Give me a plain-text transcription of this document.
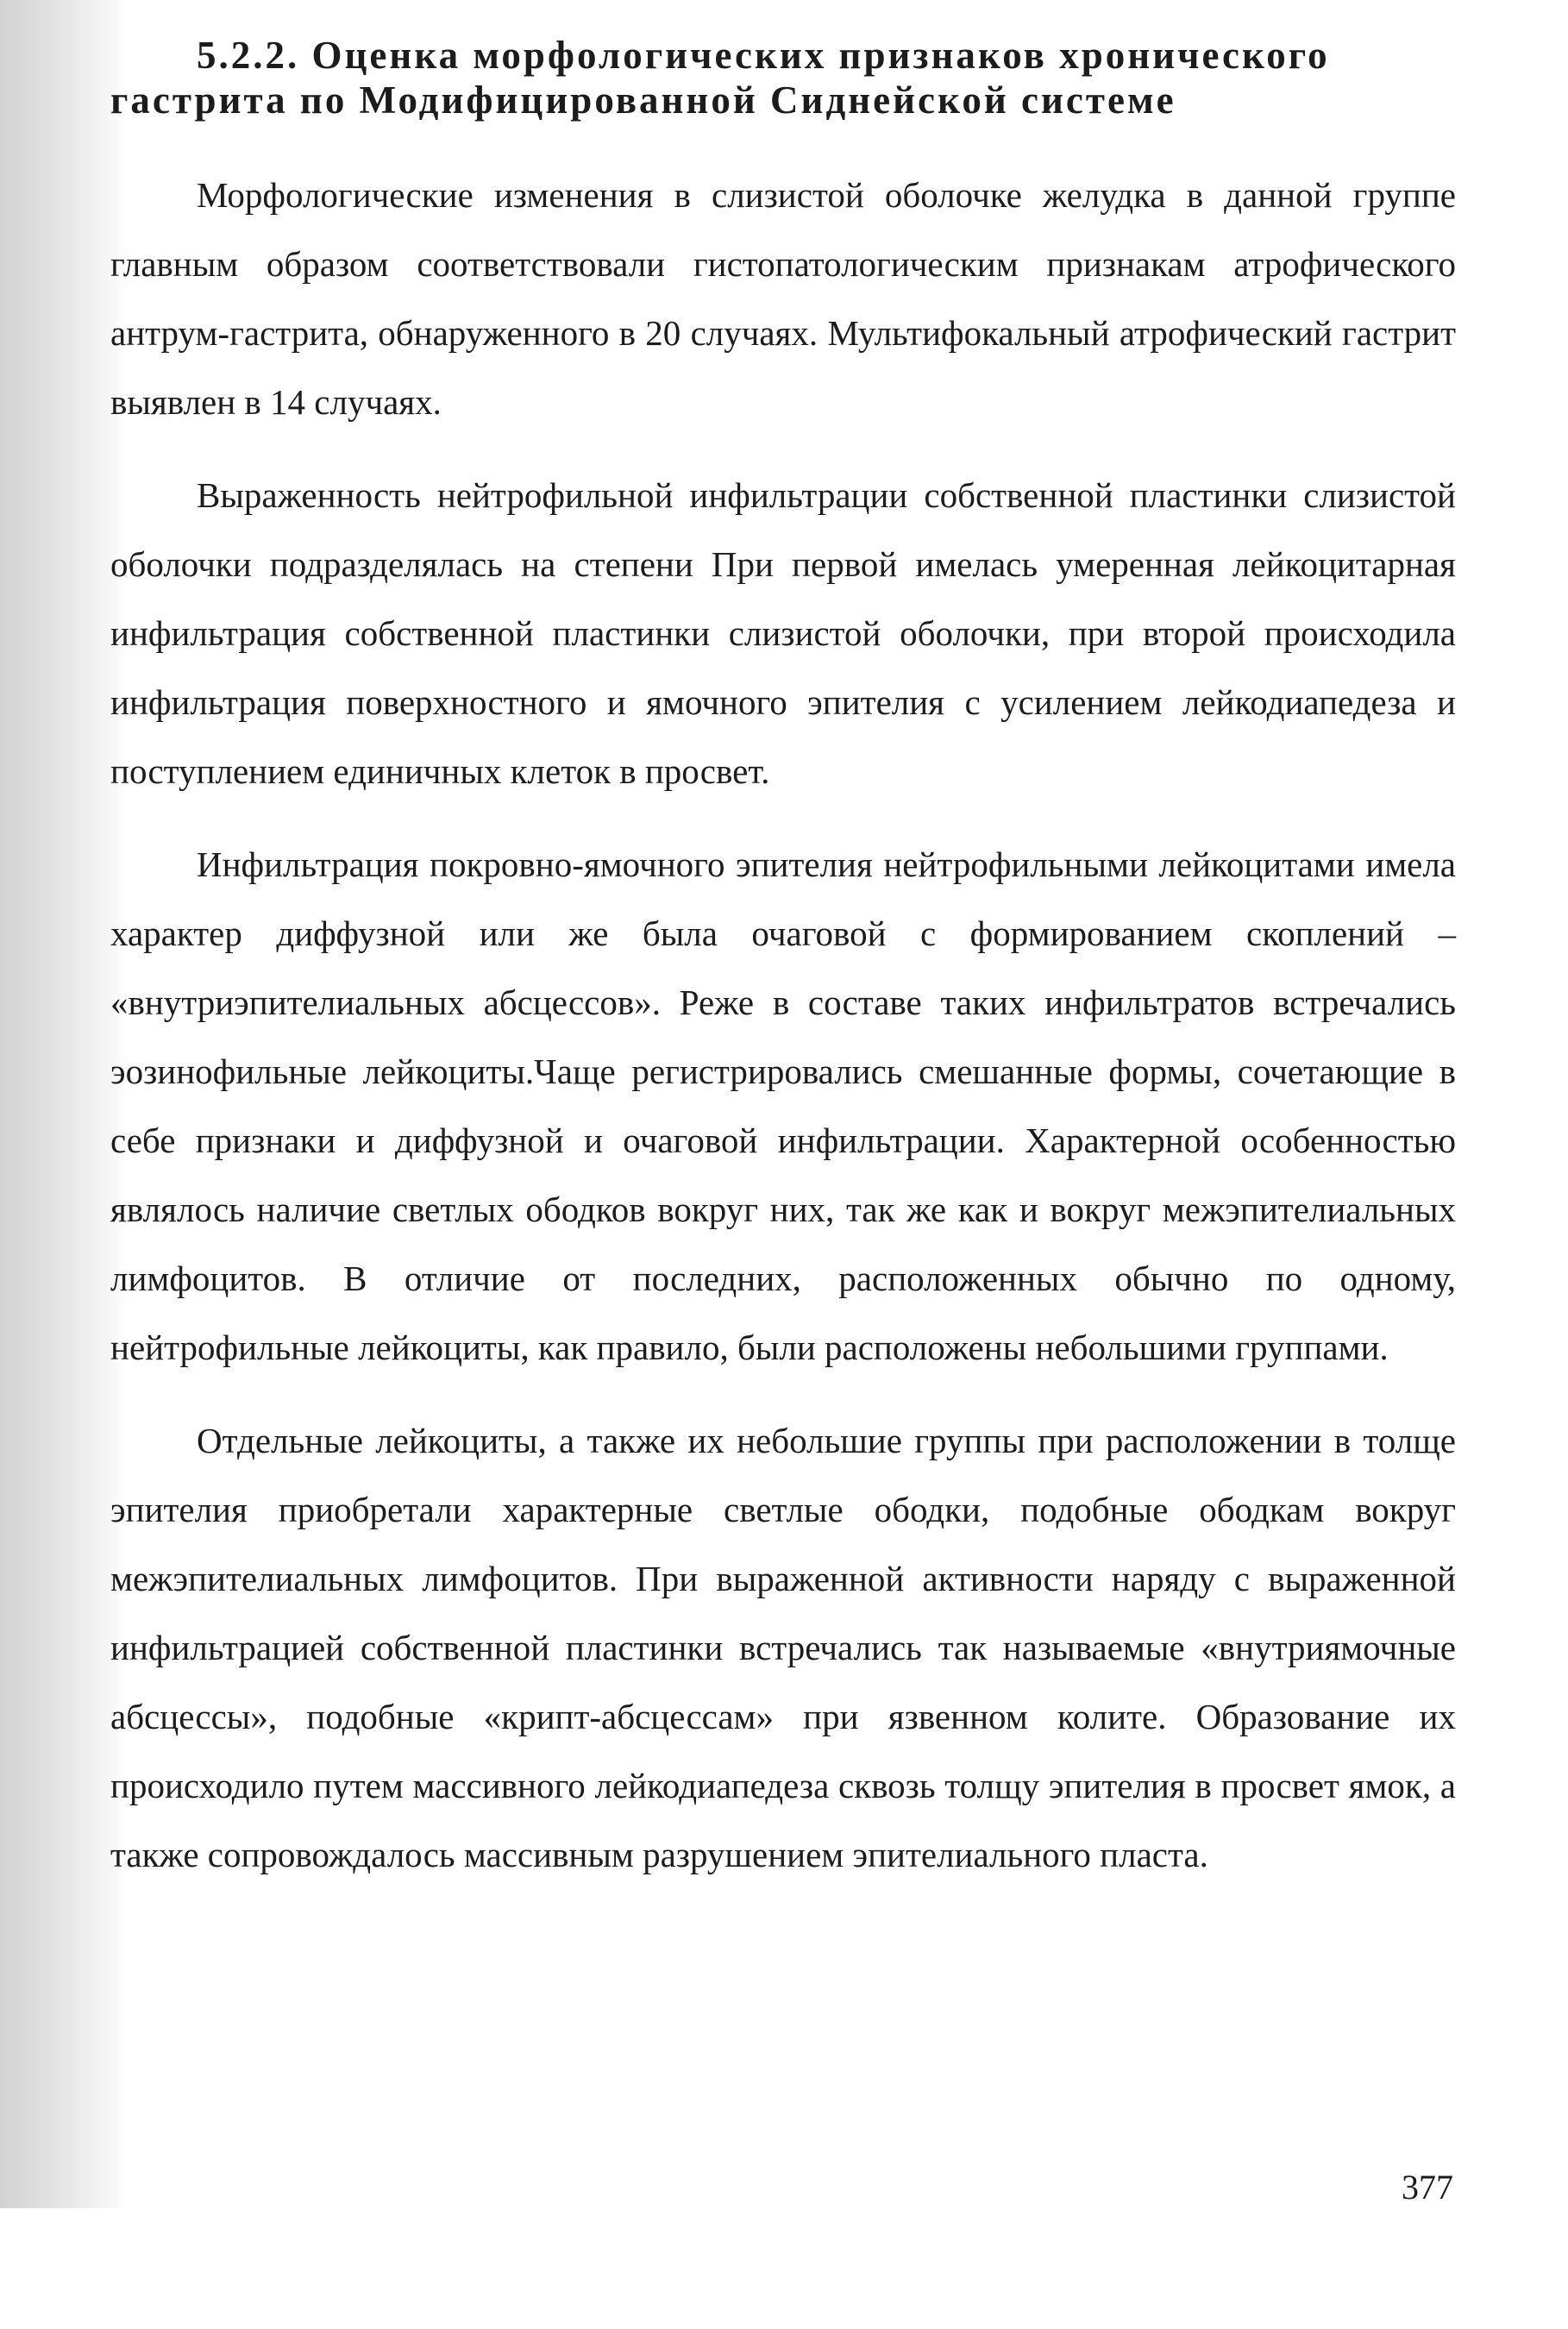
5.2.2. Оценка морфологических признаков хронического
гастрита по Модифицированной Сиднейской системе

Морфологические изменения в слизистой оболочке желудка в данной группе главным образом соответствовали гистопатологическим признакам атрофического антрум-гастрита, обнаруженного в 20 случаях. Мультифокальный атрофический гастрит выявлен в 14 случаях.

Выраженность нейтрофильной инфильтрации собственной пластинки слизистой оболочки подразделялась на степени При первой имелась умеренная лейкоцитарная инфильтрация собственной пластинки слизистой оболочки, при второй происходила инфильтрация поверхностного и ямочного эпителия с усилением лейкодиапедеза и поступлением единичных клеток в просвет.

Инфильтрация покровно-ямочного эпителия нейтрофильными лейкоцитами имела характер диффузной или же была очаговой с формированием скоплений – «внутриэпителиальных абсцессов». Реже в составе таких инфильтратов встречались эозинофильные лейкоциты.Чаще регистрировались смешанные формы, сочетающие в себе признаки и диффузной и очаговой инфильтрации. Характерной особенностью являлось наличие светлых ободков вокруг них, так же как и вокруг межэпителиальных лимфоцитов. В отличие от последних, расположенных обычно по одному, нейтрофильные лейкоциты, как правило, были расположены небольшими группами.

Отдельные лейкоциты, а также их небольшие группы при расположении в толще эпителия приобретали характерные светлые ободки, подобные ободкам вокруг межэпителиальных лимфоцитов. При выраженной активности наряду с выраженной инфильтрацией собственной пластинки встречались так называемые «внутриямочные абсцессы», подобные «крипт-абсцессам» при язвенном колите. Образование их происходило путем массивного лейкодиапедеза сквозь толщу эпителия в просвет ямок, а также сопровождалось массивным разрушением эпителиального пласта.

377
